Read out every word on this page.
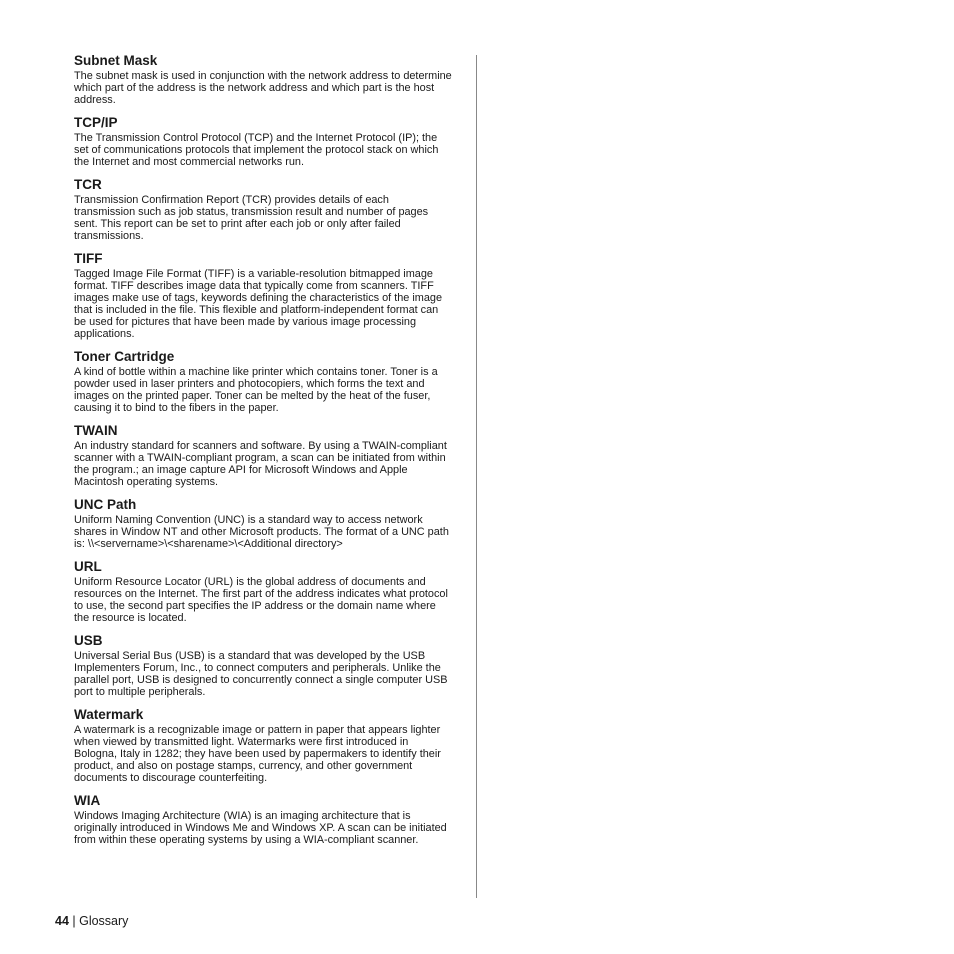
Subnet Mask
The subnet mask is used in conjunction with the network address to determine which part of the address is the network address and which part is the host address.
TCP/IP
The Transmission Control Protocol (TCP) and the Internet Protocol (IP); the set of communications protocols that implement the protocol stack on which the Internet and most commercial networks run.
TCR
Transmission Confirmation Report (TCR) provides details of each transmission such as job status, transmission result and number of pages sent. This report can be set to print after each job or only after failed transmissions.
TIFF
Tagged Image File Format (TIFF) is a variable-resolution bitmapped image format. TIFF describes image data that typically come from scanners. TIFF images make use of tags, keywords defining the characteristics of the image that is included in the file. This flexible and platform-independent format can be used for pictures that have been made by various image processing applications.
Toner Cartridge
A kind of bottle within a machine like printer which contains toner. Toner is a powder used in laser printers and photocopiers, which forms the text and images on the printed paper. Toner can be melted by the heat of the fuser, causing it to bind to the fibers in the paper.
TWAIN
An industry standard for scanners and software. By using a TWAIN-compliant scanner with a TWAIN-compliant program, a scan can be initiated from within the program.; an image capture API for Microsoft Windows and Apple Macintosh operating systems.
UNC Path
Uniform Naming Convention (UNC) is a standard way to access network shares in Window NT and other Microsoft products. The format of a UNC path is: \\<servername>\<sharename>\<Additional directory>
URL
Uniform Resource Locator (URL) is the global address of documents and resources on the Internet. The first part of the address indicates what protocol to use, the second part specifies the IP address or the domain name where the resource is located.
USB
Universal Serial Bus (USB) is a standard that was developed by the USB Implementers Forum, Inc., to connect computers and peripherals. Unlike the parallel port, USB is designed to concurrently connect a single computer USB port to multiple peripherals.
Watermark
A watermark is a recognizable image or pattern in paper that appears lighter when viewed by transmitted light. Watermarks were first introduced in Bologna, Italy in 1282; they have been used by papermakers to identify their product, and also on postage stamps, currency, and other government documents to discourage counterfeiting.
WIA
Windows Imaging Architecture (WIA) is an imaging architecture that is originally introduced in Windows Me and Windows XP. A scan can be initiated from within these operating systems by using a WIA-compliant scanner.
44 | Glossary
